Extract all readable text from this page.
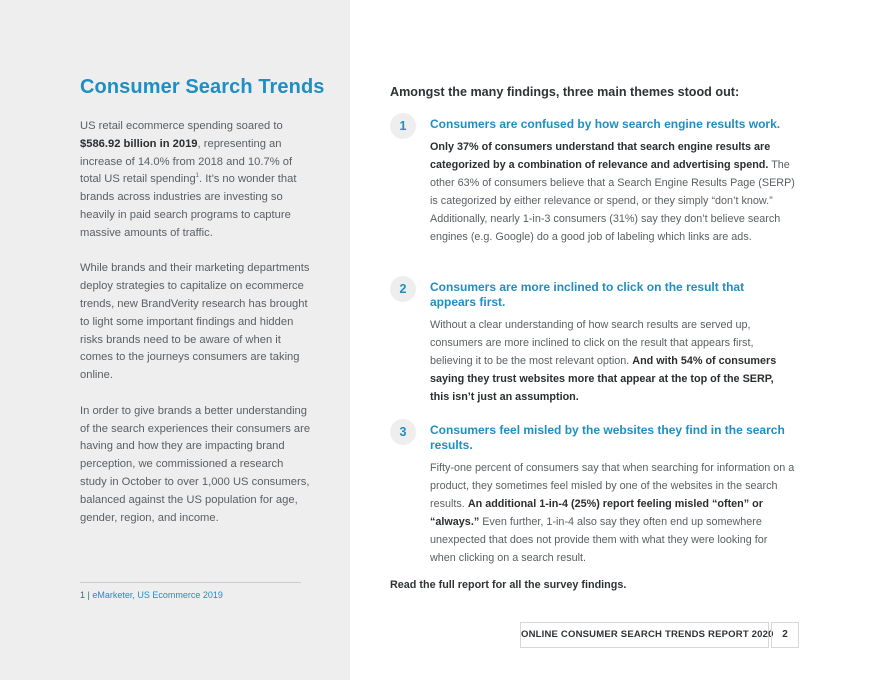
Consumer Search Trends

US retail ecommerce spending soared to $586.92 billion in 2019, representing an increase of 14.0% from 2018 and 10.7% of total US retail spending$^1$. It’s no wonder that brands across industries are investing so heavily in paid search programs to capture massive amounts of traffic.

While brands and their marketing departments deploy strategies to capitalize on ecommerce trends, new BrandVerity research has brought to light some important findings and hidden risks brands need to be aware of when it comes to the journeys consumers are taking online.

In order to give brands a better understanding of the search experiences their consumers are having and how they are impacting brand perception, we commissioned a research study in October to over 1,000 US consumers, balanced against the US population for age, gender, region, and income.

1 | eMarketer, US Ecommerce 2019

Amongst the many findings, three main themes stood out:

1	Consumers are confused by how search engine results work.

Only 37% of consumers understand that search engine results are categorized by a combination of relevance and advertising spend. The other 63% of consumers believe that a Search Engine Results Page (SERP) is categorized by either relevance or spend, or they simply “don’t know.” Additionally, nearly 1-in-3 consumers (31%) say they don’t believe search engines (e.g. Google) do a good job of labeling which links are ads.

2	Consumers are more inclined to click on the result that appears first.

Without a clear understanding of how search results are served up, consumers are more inclined to click on the result that appears first, believing it to be the most relevant option. And with 54% of consumers saying they trust websites more that appear at the top of the SERP, this isn’t just an assumption.

3	Consumers feel misled by the websites they find in the search results.

Fifty-one percent of consumers say that when searching for information on a product, they sometimes feel misled by one of the websites in the search results. An additional 1-in-4 (25%) report feeling misled “often” or “always.” Even further, 1-in-4 also say they often end up somewhere unexpected that does not provide them with what they were looking for when clicking on a search result.

Read the full report for all the survey findings.

ONLINE CONSUMER SEARCH TRENDS REPORT 2020 2
